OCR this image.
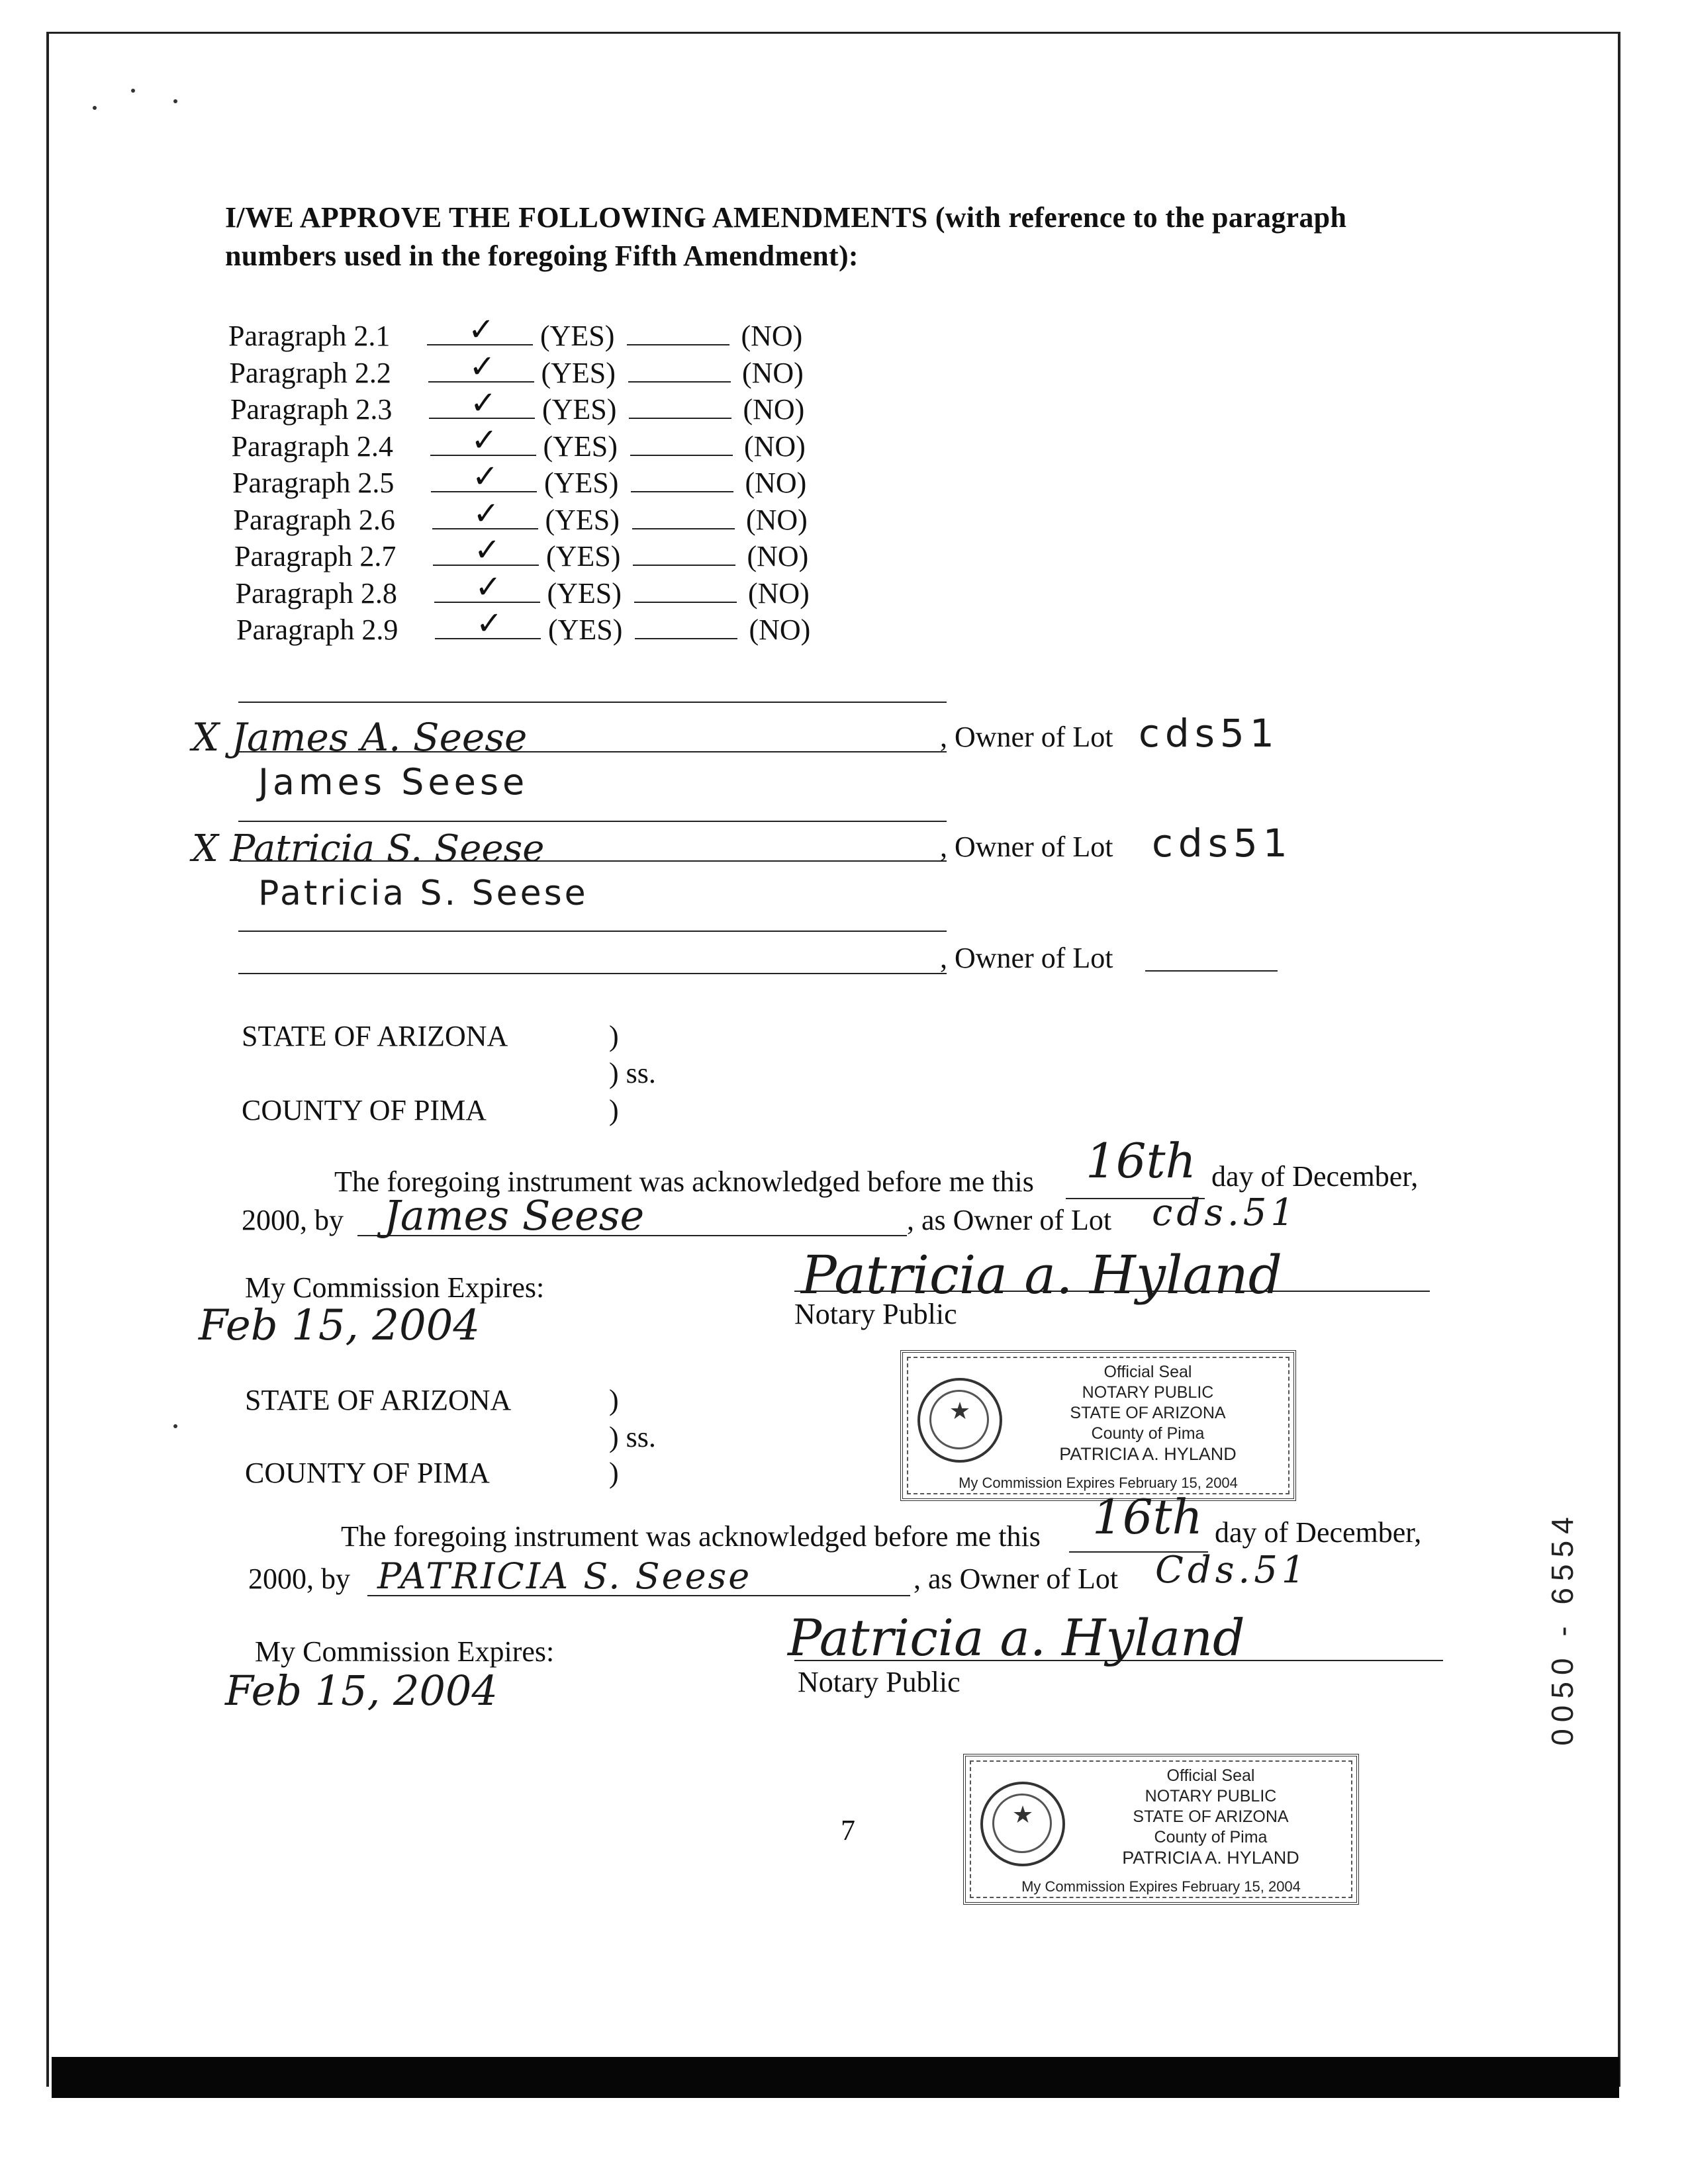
I/WE APPROVE THE FOLLOWING AMENDMENTS (with reference to the paragraph
numbers used in the foregoing Fifth Amendment):
Paragraph 2.1 ✓ (YES)	(NO)
Paragraph 2.2 ✓ (YES)	(NO)
Paragraph 2.3 ✓ (YES)	(NO)
Paragraph 2.4 ✓ (YES)	(NO)
Paragraph 2.5 ✓ (YES)	(NO)
Paragraph 2.6 ✓ (YES)	(NO)
Paragraph 2.7 ✓ (YES)	(NO)
Paragraph 2.8 ✓ (YES)	(NO)
Paragraph 2.9 ✓ (YES)	(NO)
X James A. Seese
James Seese
, Owner of Lot cds51
X Patricia S. Seese
Patricia S. Seese
, Owner of Lot cds51
, Owner of Lot
STATE OF ARIZONA	)
) ss.
COUNTY OF PIMA	)
The foregoing instrument was acknowledged before me this 16th day of December,
2000, by James Seese	, as Owner of Lot cds.51
My Commission Expires:
Feb 15, 2004
Patricia a. Hyland
Notary Public
★
Official Seal
NOTARY PUBLIC
STATE OF ARIZONA
County of Pima
PATRICIA A. HYLAND
My Commission Expires February 15, 2004
STATE OF ARIZONA	)
) ss.
COUNTY OF PIMA	)
The foregoing instrument was acknowledged before me this 16th day of December,
2000, by PATRICIA S. Seese	, as Owner of Lot Cds.51
My Commission Expires:
Feb 15, 2004
Patricia a. Hyland
Notary Public
★
Official Seal
NOTARY PUBLIC
STATE OF ARIZONA
County of Pima
PATRICIA A. HYLAND
My Commission Expires February 15, 2004
7
0050 - 6554
